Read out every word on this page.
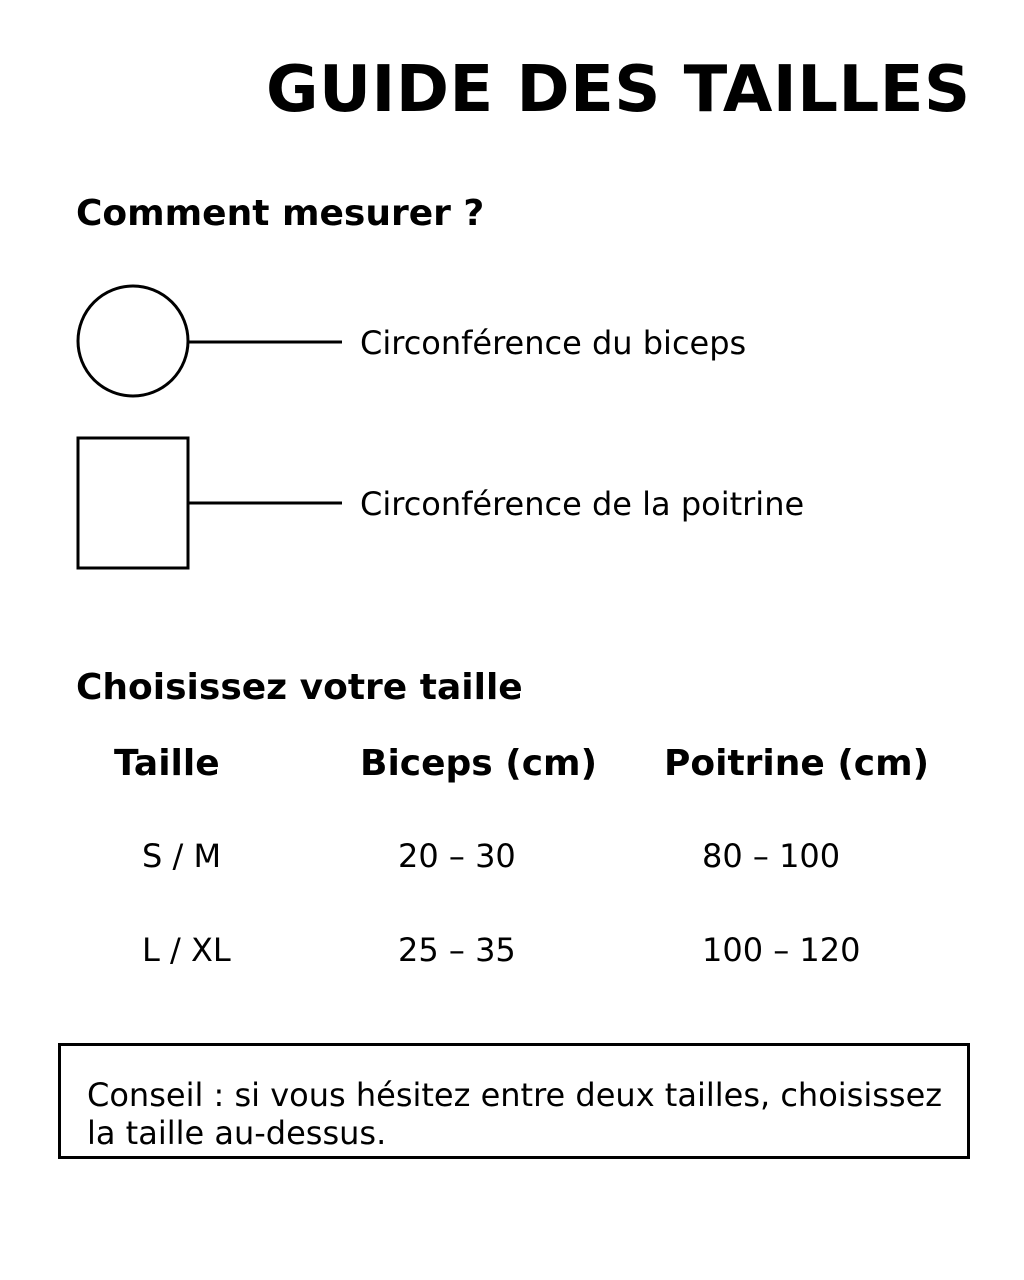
GUIDE DES TAILLES
Comment mesurer ?
Circonférence du biceps
Circonférence de la poitrine
Choisissez votre taille
Taille	Biceps (cm) Poitrine (cm)
S / M	20 – 30	80 – 100
L / XL	25 – 35	100 – 120
Conseil : si vous hésitez entre deux tailles, choisissez la taille au-dessus.
